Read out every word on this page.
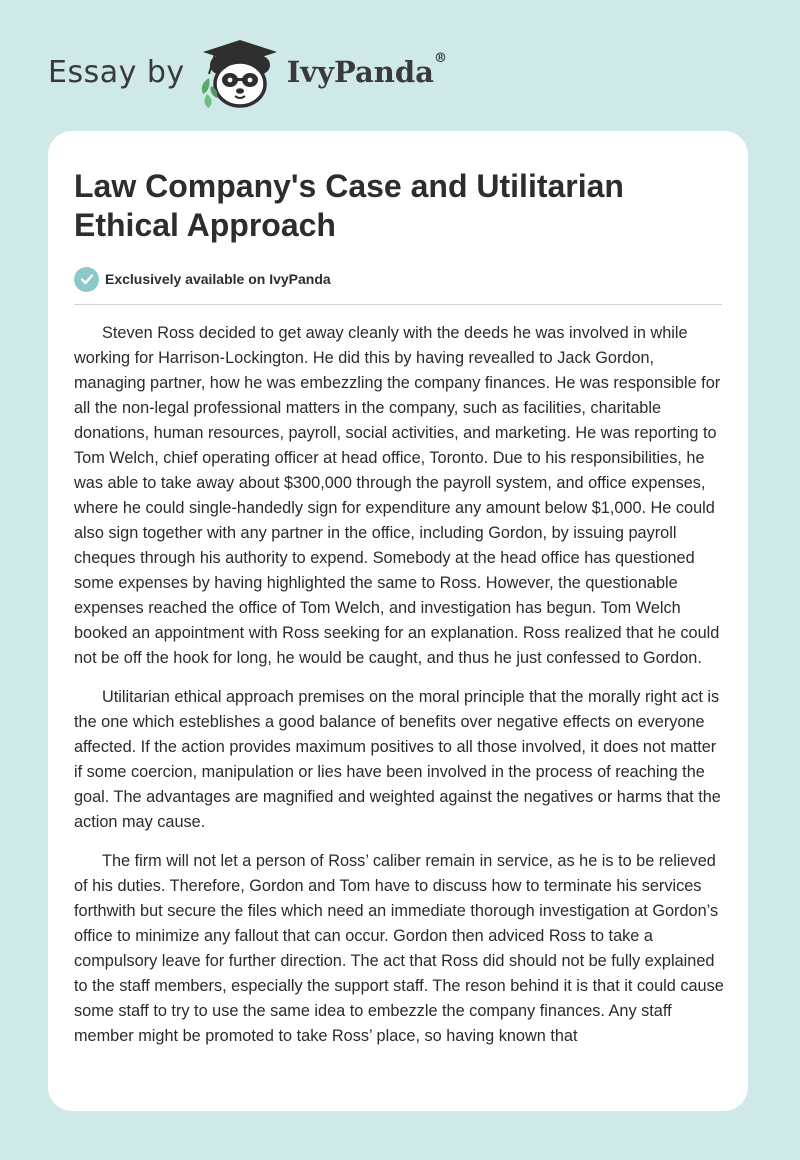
Essay by	IvyPanda®
Law Company's Case and Utilitarian Ethical Approach
Exclusively available on IvyPanda

Steven Ross decided to get away cleanly with the deeds he was involved in while working for Harrison-Lockington. He did this by having revealled to Jack Gordon, managing partner, how he was embezzling the company finances. He was responsible for all the non-legal professional matters in the company, such as facilities, charitable donations, human resources, payroll, social activities, and marketing. He was reporting to Tom Welch, chief operating officer at head office, Toronto. Due to his responsibilities, he was able to take away about $300,000 through the payroll system, and office expenses, where he could single-handedly sign for expenditure any amount below $1,000. He could also sign together with any partner in the office, including Gordon, by issuing payroll cheques through his authority to expend. Somebody at the head office has questioned some expenses by having highlighted the same to Ross. However, the questionable expenses reached the office of Tom Welch, and investigation has begun. Tom Welch booked an appointment with Ross seeking for an explanation. Ross realized that he could not be off the hook for long, he would be caught, and thus he just confessed to Gordon.

Utilitarian ethical approach premises on the moral principle that the morally right act is the one which esteblishes a good balance of benefits over negative effects on everyone affected. If the action provides maximum positives to all those involved, it does not matter if some coercion, manipulation or lies have been involved in the process of reaching the goal. The advantages are magnified and weighted against the negatives or harms that the action may cause.

The firm will not let a person of Ross’ caliber remain in service, as he is to be relieved of his duties. Therefore, Gordon and Tom have to discuss how to terminate his services forthwith but secure the files which need an immediate thorough investigation at Gordon’s office to minimize any fallout that can occur. Gordon then adviced Ross to take a compulsory leave for further direction. The act that Ross did should not be fully explained to the staff members, especially the support staff. The reson behind it is that it could cause some staff to try to use the same idea to embezzle the company finances. Any staff member might be promoted to take Ross’ place, so having known that
